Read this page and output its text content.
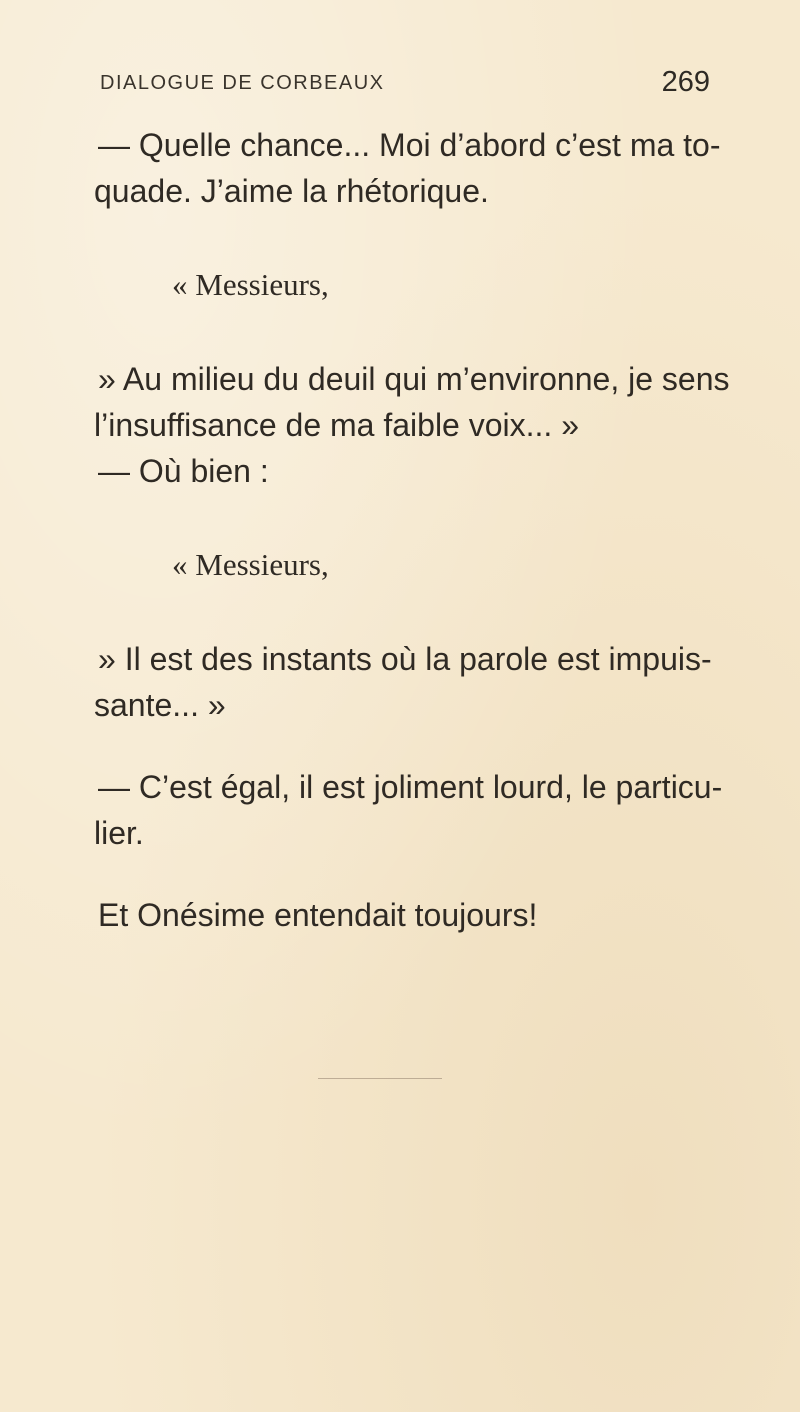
DIALOGUE DE CORBEAUX	269
— Quelle chance... Moi d’abord c’est ma to-
quade. J’aime la rhétorique.
« Messieurs,
» Au milieu du deuil qui m’environne, je sens
l’insuffisance de ma faible voix... »
— Où bien :
« Messieurs,
» Il est des instants où la parole est impuis-
sante... »
— C’est égal, il est joliment lourd, le particu-
lier.
Et Onésime entendait toujours!
